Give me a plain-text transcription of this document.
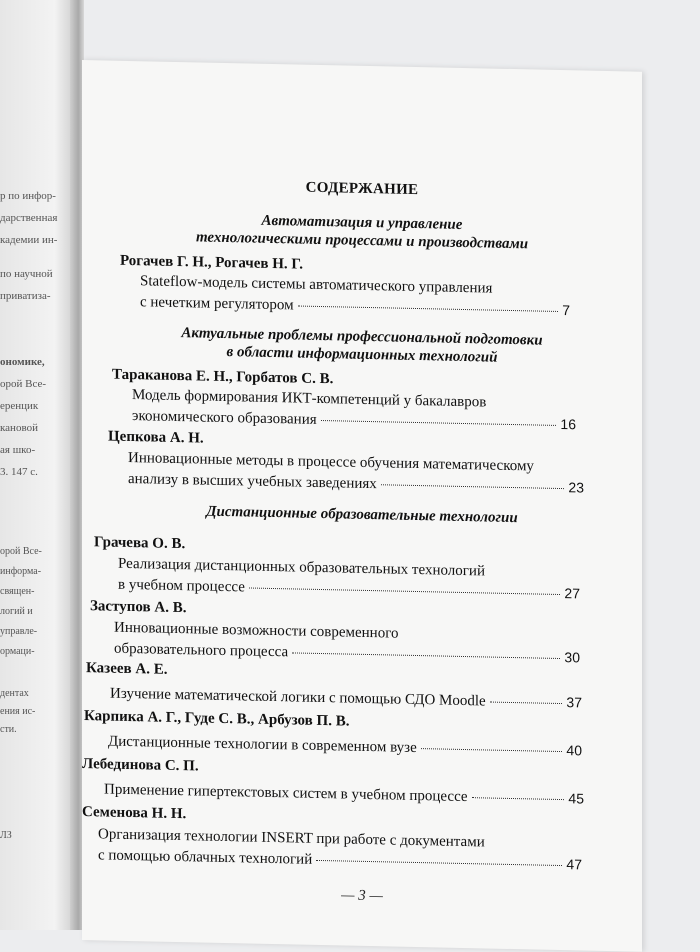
р по инфор-
дарственная
кадемии ин-
по научной
приватиза-
ономике,
орой Все-
еренцик
кановой
ая шко-
3. 147 с.
орой Все-
информа-
священ-
логий и
управле-
ормаци-
дентах
ения ис-
сти.
ЛЗ
СОДЕРЖАНИЕ
Автоматизация и управление
технологическими процессами и производствами
Рогачев Г. Н., Рогачев Н. Г.
Stateflow-модель системы автоматического управления
с нечетким регулятором	7
Актуальные проблемы профессиональной подготовки
в области информационных технологий
Тараканова Е. Н., Горбатов С. В.
Модель формирования ИКТ-компетенций у бакалавров
экономического образования	16
Цепкова А. Н.
Инновационные методы в процессе обучения математическому
анализу в высших учебных заведениях	23
Дистанционные образовательные технологии
Грачева О. В.
Реализация дистанционных образовательных технологий
в учебном процессе	27
Заступов А. В.
Инновационные возможности современного
образовательного процесса	30
Казеев А. Е.
Изучение математической логики с помощью СДО Moodle	37
Карпика А. Г., Гуде С. В., Арбузов П. В.
Дистанционные технологии в современном вузе	40
Лебединова С. П.
Применение гипертекстовых систем в учебном процессе	45
Семенова Н. Н.
Организация технологии INSERT при работе с документами
с помощью облачных технологий	47
— 3 —
